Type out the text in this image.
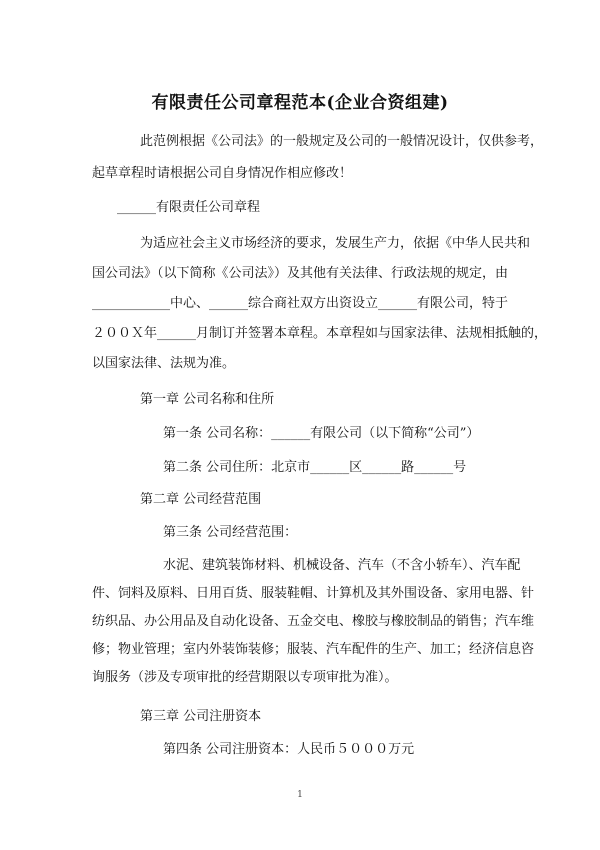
有限责任公司章程范本(企业合资组建)
此范例根据《公司法》的一般规定及公司的一般情况设计，仅供参考，
起草章程时请根据公司自身情况作相应修改！
______有限责任公司章程
为适应社会主义市场经济的要求，发展生产力，依据《中华人民共和
国公司法》（以下简称《公司法》）及其他有关法律、行政法规的规定，由
____________中心、______综合商社双方出资设立______有限公司，特于
２００Ｘ年______月制订并签署本章程。本章程如与国家法律、法规相抵触的，
以国家法律、法规为准。
第一章 公司名称和住所
第一条 公司名称：______有限公司（以下简称“公司”）
第二条 公司住所：北京市______区______路______号
第二章 公司经营范围
第三条 公司经营范围：
水泥、建筑装饰材料、机械设备、汽车（不含小轿车）、汽车配
件、饲料及原料、日用百货、服装鞋帽、计算机及其外围设备、家用电器、针
纺织品、办公用品及自动化设备、五金交电、橡胶与橡胶制品的销售；汽车维
修；物业管理；室内外装饰装修；服装、汽车配件的生产、加工；经济信息咨
询服务（涉及专项审批的经营期限以专项审批为准）。
第三章 公司注册资本
第四条 公司注册资本：人民币５０００万元
1
